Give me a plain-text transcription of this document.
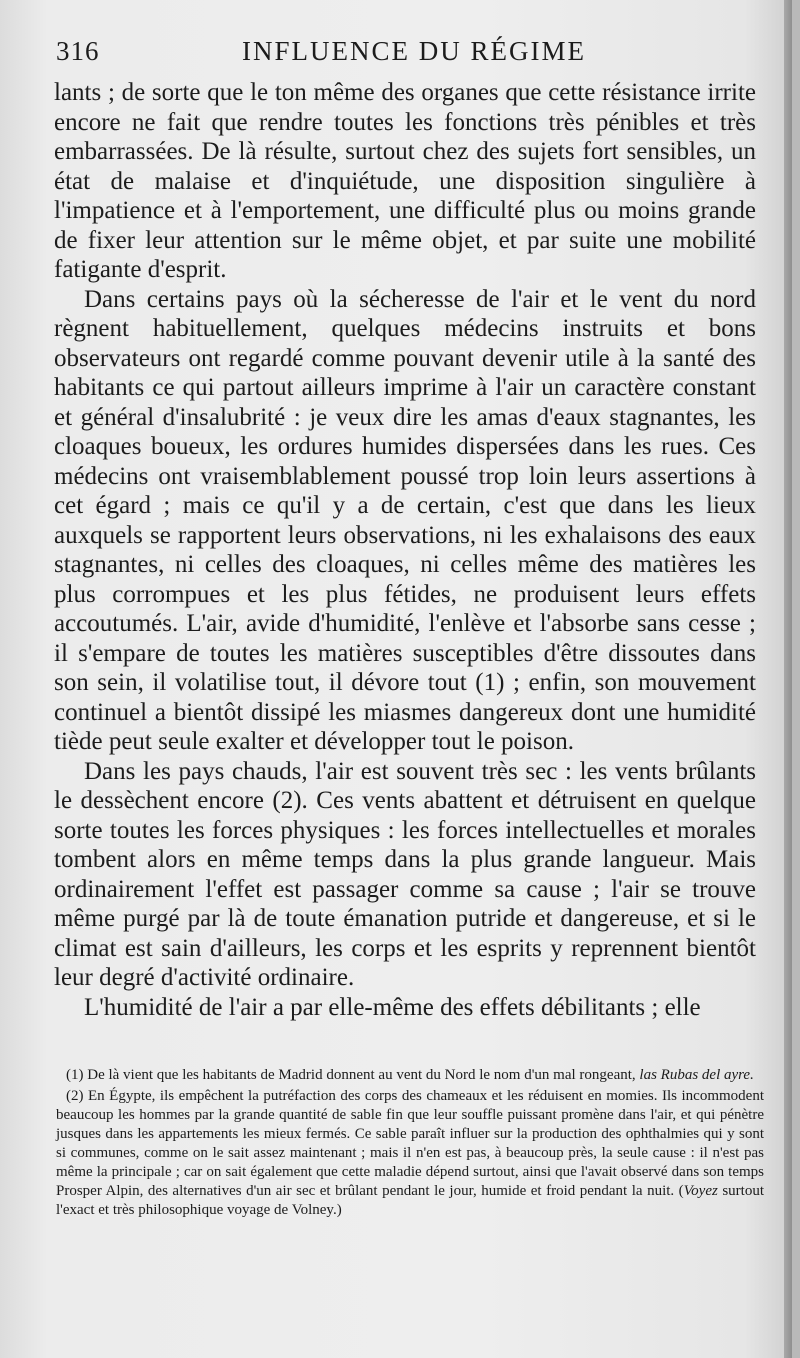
316	INFLUENCE DU RÉGIME

lants ; de sorte que le ton même des organes que cette résistance irrite encore ne fait que rendre toutes les fonctions très pénibles et très embarrassées. De là résulte, surtout chez des sujets fort sensibles, un état de malaise et d'inquiétude, une disposition singulière à l'impatience et à l'emportement, une difficulté plus ou moins grande de fixer leur attention sur le même objet, et par suite une mobilité fatigante d'esprit.

Dans certains pays où la sécheresse de l'air et le vent du nord règnent habituellement, quelques médecins instruits et bons observateurs ont regardé comme pouvant devenir utile à la santé des habitants ce qui partout ailleurs imprime à l'air un caractère constant et général d'insalubrité : je veux dire les amas d'eaux stagnantes, les cloaques boueux, les ordures humides dispersées dans les rues. Ces médecins ont vraisemblablement poussé trop loin leurs assertions à cet égard ; mais ce qu'il y a de certain, c'est que dans les lieux auxquels se rapportent leurs observations, ni les exhalaisons des eaux stagnantes, ni celles des cloaques, ni celles même des matières les plus corrompues et les plus fétides, ne produisent leurs effets accoutumés. L'air, avide d'humidité, l'enlève et l'absorbe sans cesse ; il s'empare de toutes les matières susceptibles d'être dissoutes dans son sein, il volatilise tout, il dévore tout (1) ; enfin, son mouvement continuel a bientôt dissipé les miasmes dangereux dont une humidité tiède peut seule exalter et développer tout le poison.

Dans les pays chauds, l'air est souvent très sec : les vents brûlants le dessèchent encore (2). Ces vents abattent et détruisent en quelque sorte toutes les forces physiques : les forces intellectuelles et morales tombent alors en même temps dans la plus grande langueur. Mais ordinairement l'effet est passager comme sa cause ; l'air se trouve même purgé par là de toute émanation putride et dangereuse, et si le climat est sain d'ailleurs, les corps et les esprits y reprennent bientôt leur degré d'activité ordinaire.

L'humidité de l'air a par elle-même des effets débilitants ; elle

(1) De là vient que les habitants de Madrid donnent au vent du Nord le nom d'un mal rongeant, las Rubas del ayre.

(2) En Égypte, ils empêchent la putréfaction des corps des chameaux et les réduisent en momies. Ils incommodent beaucoup les hommes par la grande quantité de sable fin que leur souffle puissant promène dans l'air, et qui pénètre jusques dans les appartements les mieux fermés. Ce sable paraît influer sur la production des ophthalmies qui y sont si communes, comme on le sait assez maintenant ; mais il n'en est pas, à beaucoup près, la seule cause : il n'est pas même la principale ; car on sait également que cette maladie dépend surtout, ainsi que l'avait observé dans son temps Prosper Alpin, des alternatives d'un air sec et brûlant pendant le jour, humide et froid pendant la nuit. (Voyez surtout l'exact et très philosophique voyage de Volney.)
